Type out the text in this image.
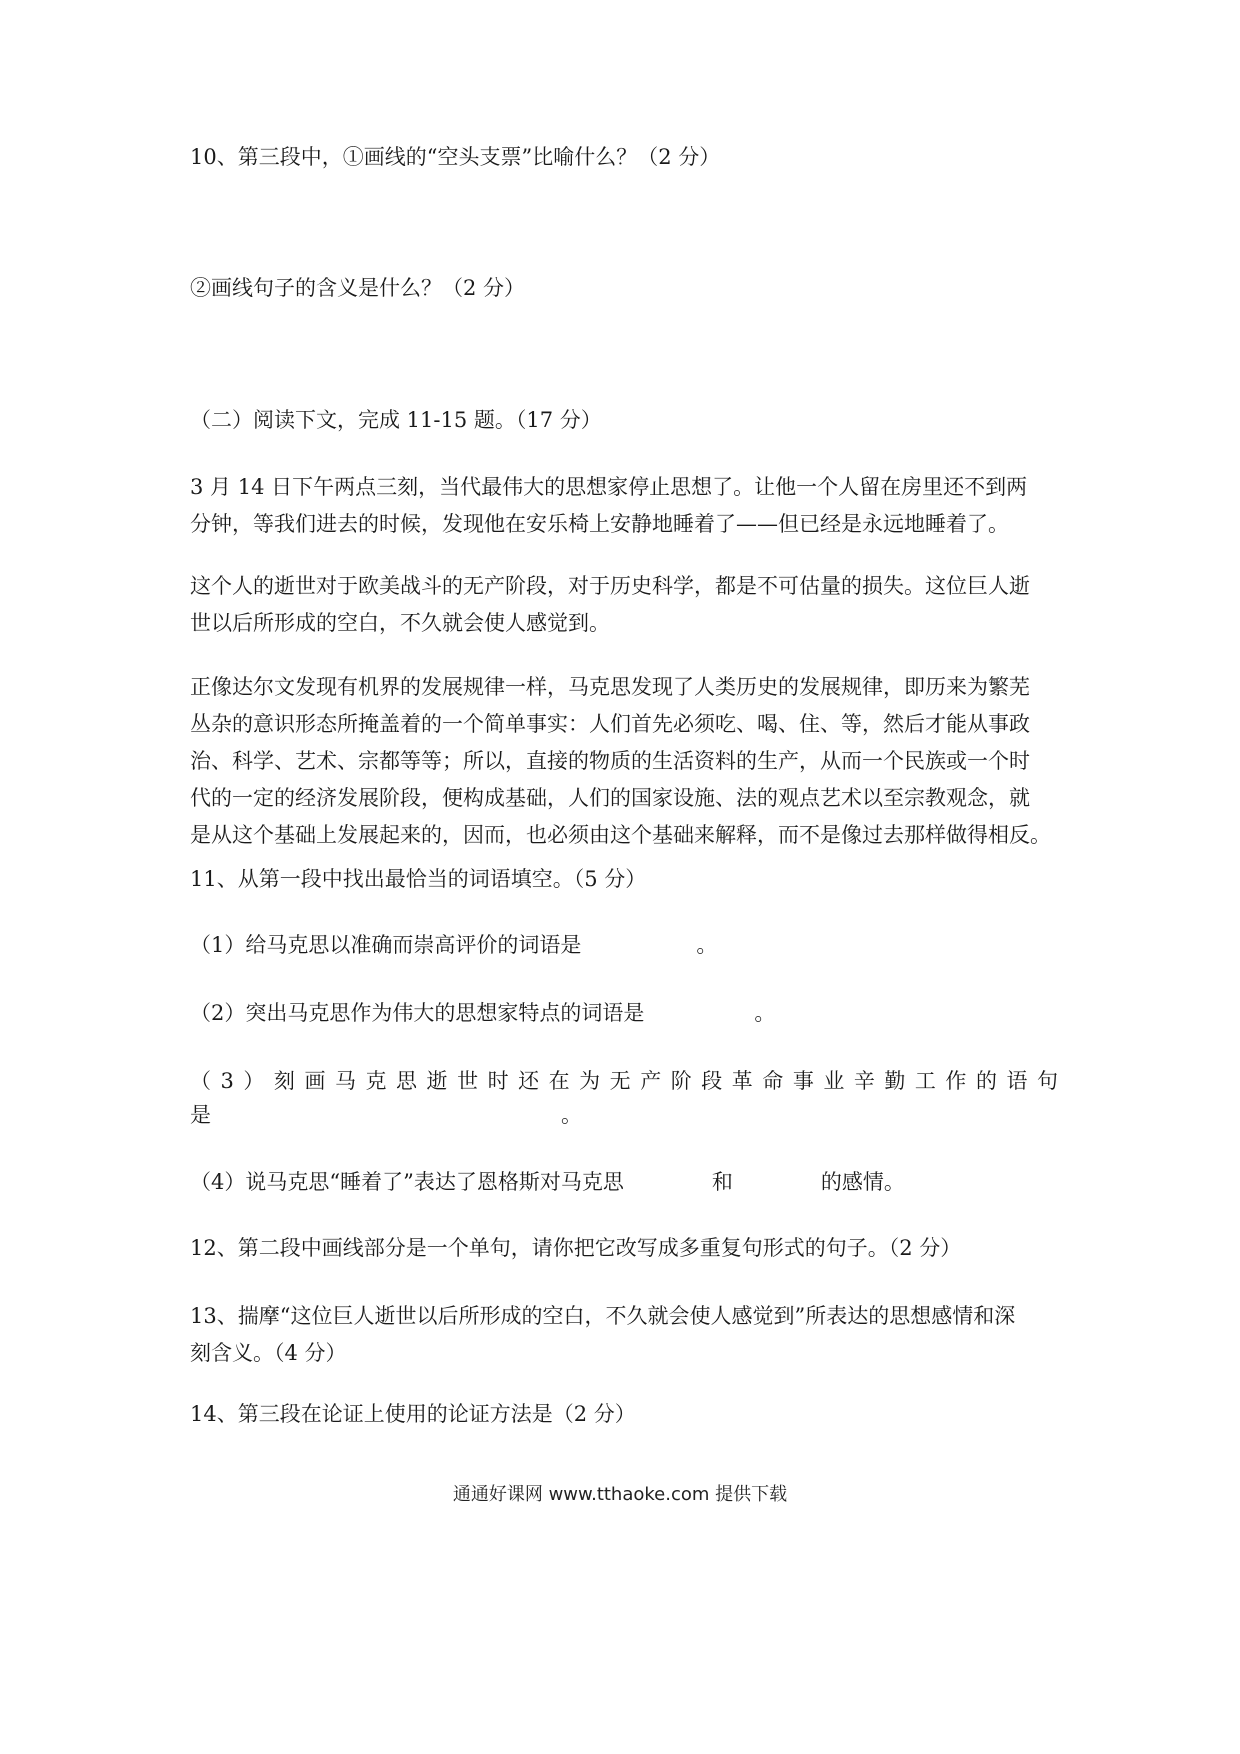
10、第三段中，①画线的“空头支票”比喻什么？（2 分）
②画线句子的含义是什么？（2 分）
（二）阅读下文，完成 11-15 题。（17 分）
3 月 14 日下午两点三刻，当代最伟大的思想家停止思想了。让他一个人留在房里还不到两
分钟，等我们进去的时候，发现他在安乐椅上安静地睡着了——但已经是永远地睡着了。
这个人的逝世对于欧美战斗的无产阶段，对于历史科学，都是不可估量的损失。这位巨人逝
世以后所形成的空白，不久就会使人感觉到。
正像达尔文发现有机界的发展规律一样，马克思发现了人类历史的发展规律，即历来为繁芜
丛杂的意识形态所掩盖着的一个简单事实：人们首先必须吃、喝、住、等，然后才能从事政
治、科学、艺术、宗都等等；所以，直接的物质的生活资料的生产，从而一个民族或一个时
代的一定的经济发展阶段，便构成基础，人们的国家设施、法的观点艺术以至宗教观念，就
是从这个基础上发展起来的，因而，也必须由这个基础来解释，而不是像过去那样做得相反。
11、从第一段中找出最恰当的词语填空。（5 分）
（1）给马克思以准确而崇高评价的词语是	。
（2）突出马克思作为伟大的思想家特点的词语是	。
（3）刻画马克思逝世时还在为无产阶段革命事业辛勤工作的语句
是	。
（4）说马克思“睡着了”表达了恩格斯对马克思	和	的感情。
12、第二段中画线部分是一个单句，请你把它改写成多重复句形式的句子。（2 分）
13、揣摩“这位巨人逝世以后所形成的空白，不久就会使人感觉到”所表达的思想感情和深
刻含义。（4 分）
14、第三段在论证上使用的论证方法是（2 分）
通通好课网 www.tthaoke.com 提供下载
